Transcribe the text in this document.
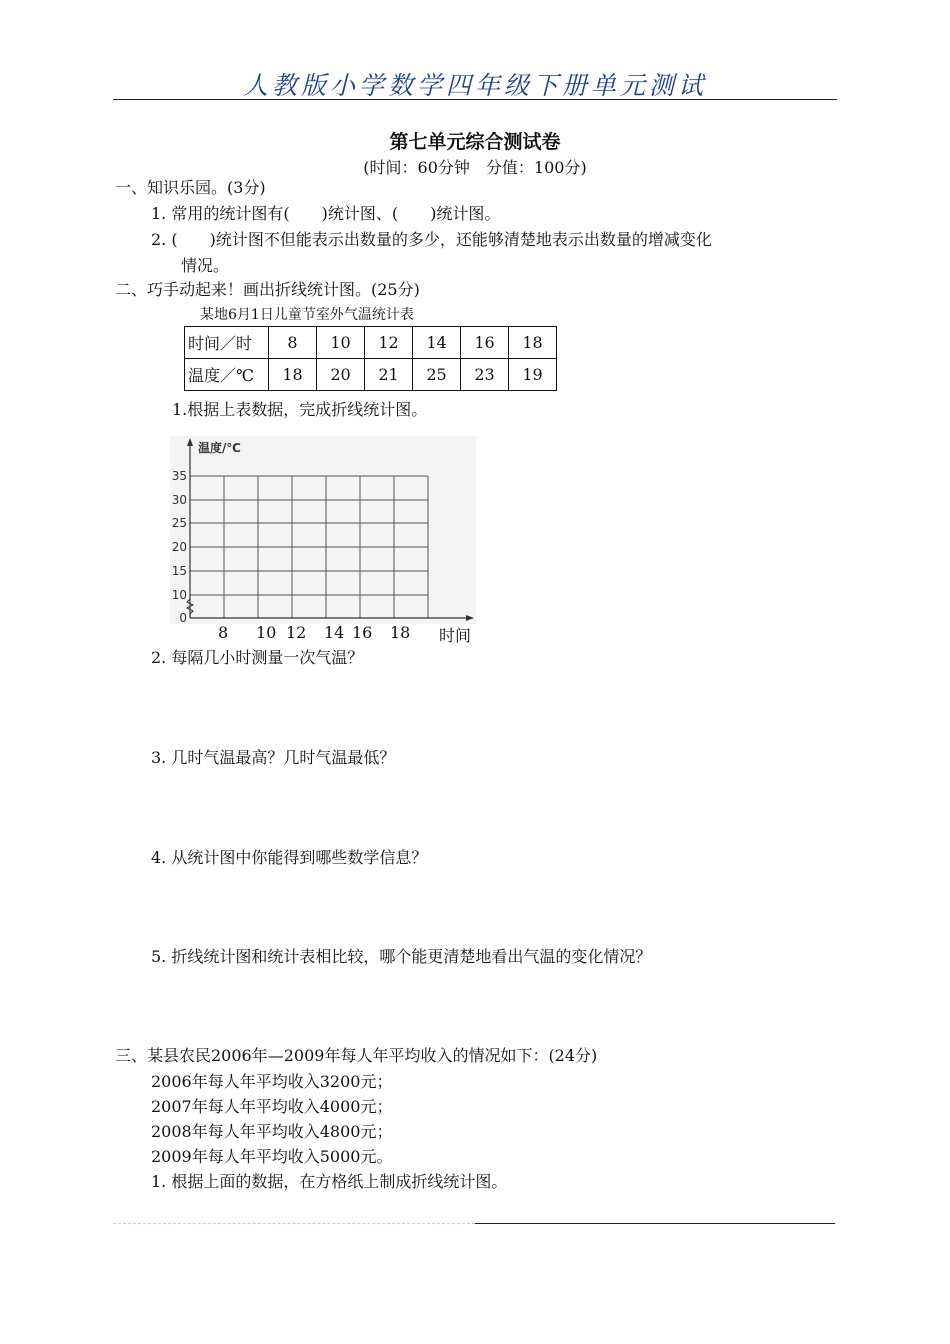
人教版小学数学四年级下册单元测试
第七单元综合测试卷
(时间：60分钟　分值：100分)
一、知识乐园。(3分)
1. 常用的统计图有(　　)统计图、(　　)统计图。
2. (　　)统计图不但能表示出数量的多少，还能够清楚地表示出数量的增减变化
情况。
二、巧手动起来！画出折线统计图。(25分)
某地6月1日儿童节室外气温统计表
时间／时	8	10	12	14	16	18
温度／℃	18	20	21	25	23	19
1.根据上表数据，完成折线统计图。
温度/℃
0
10
15
20
25
30
35
8 10 12 14 16 18 时间
2. 每隔几小时测量一次气温？
3. 几时气温最高？几时气温最低？
4. 从统计图中你能得到哪些数学信息？
5. 折线统计图和统计表相比较，哪个能更清楚地看出气温的变化情况？
三、某县农民2006年—2009年每人年平均收入的情况如下：(24分)
2006年每人年平均收入3200元；
2007年每人年平均收入4000元；
2008年每人年平均收入4800元；
2009年每人年平均收入5000元。
1. 根据上面的数据，在方格纸上制成折线统计图。
